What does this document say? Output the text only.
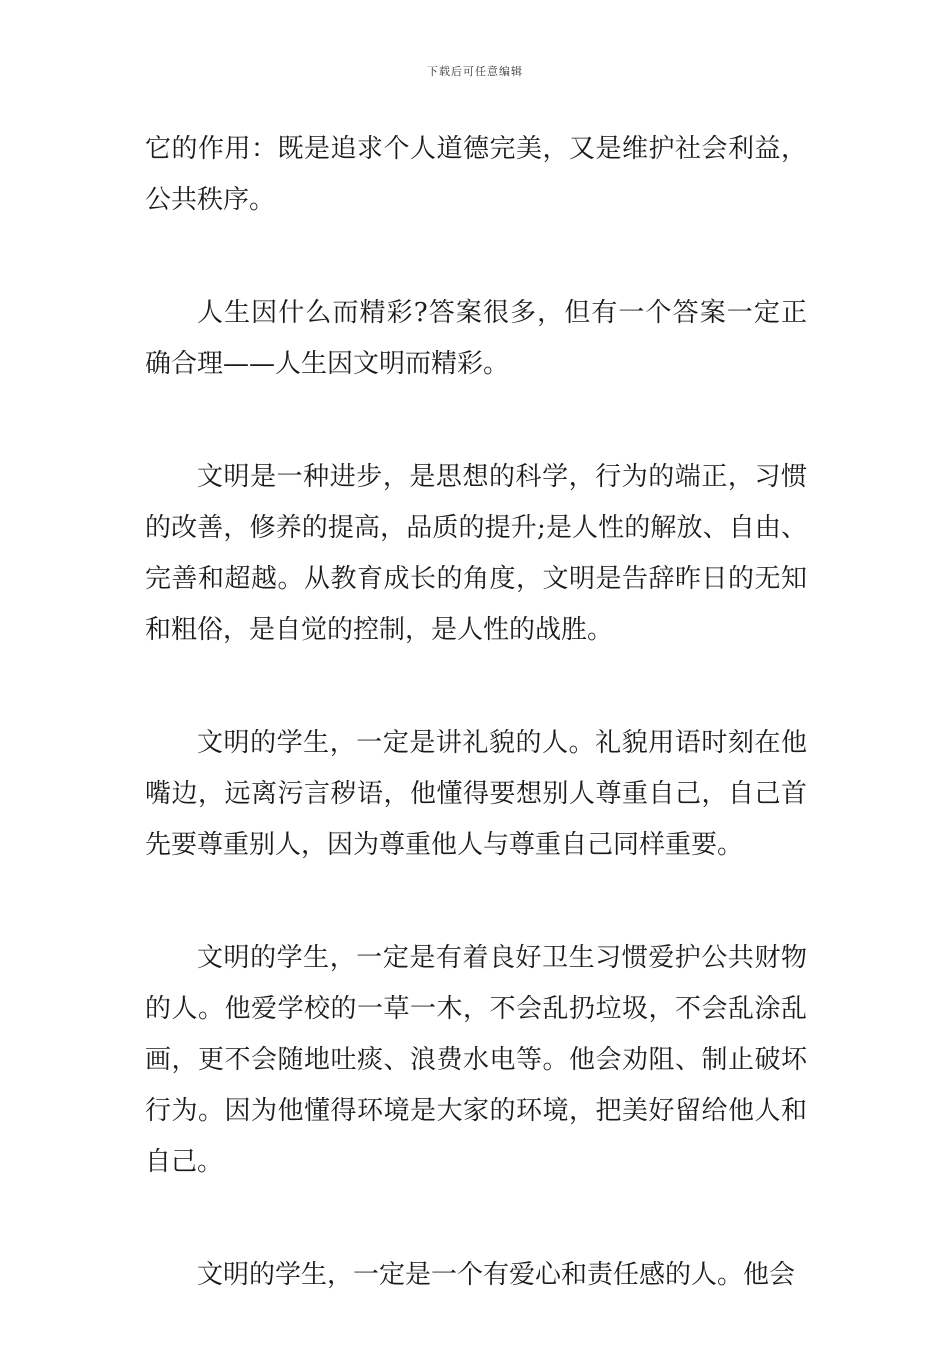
下载后可任意编辑

它的作用：既是追求个人道德完美，又是维护社会利益，公共秩序。

人生因什么而精彩?答案很多，但有一个答案一定正确合理——人生因文明而精彩。

文明是一种进步，是思想的科学，行为的端正，习惯的改善，修养的提高，品质的提升;是人性的解放、自由、完善和超越。从教育成长的角度，文明是告辞昨日的无知和粗俗，是自觉的控制，是人性的战胜。

文明的学生，一定是讲礼貌的人。礼貌用语时刻在他嘴边，远离污言秽语，他懂得要想别人尊重自己，自己首先要尊重别人，因为尊重他人与尊重自己同样重要。

文明的学生，一定是有着良好卫生习惯爱护公共财物的人。他爱学校的一草一木，不会乱扔垃圾，不会乱涂乱画，更不会随地吐痰、浪费水电等。他会劝阻、制止破坏行为。因为他懂得环境是大家的环境，把美好留给他人和自己。

文明的学生，一定是一个有爱心和责任感的人。他会
